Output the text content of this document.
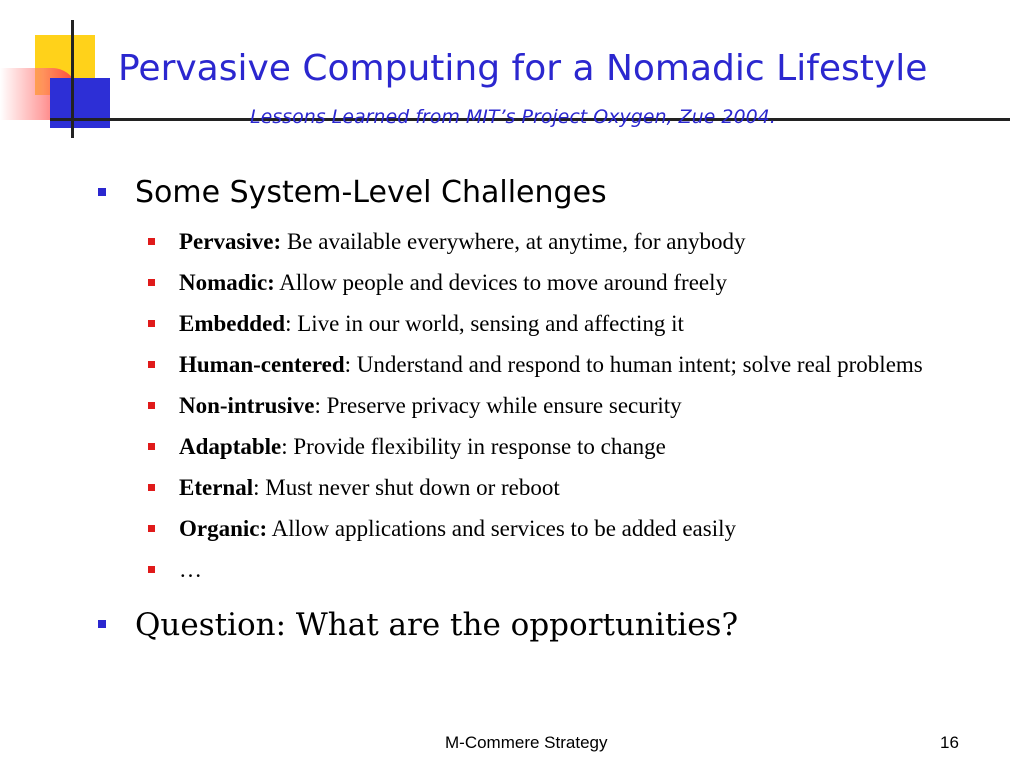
Pervasive Computing for a Nomadic Lifestyle
Lessons Learned from MIT’s Project Oxygen, Zue 2004.
Some System-Level Challenges
Pervasive: Be available everywhere, at anytime, for anybody
Nomadic: Allow people and devices to move around freely
Embedded: Live in our world, sensing and affecting it
Human-centered: Understand and respond to human intent; solve real problems
Non-intrusive: Preserve privacy while ensure security
Adaptable: Provide flexibility in response to change
Eternal: Must never shut down or reboot
Organic: Allow applications and services to be added easily
…
Question: What are the opportunities?
M-Commere Strategy	16
